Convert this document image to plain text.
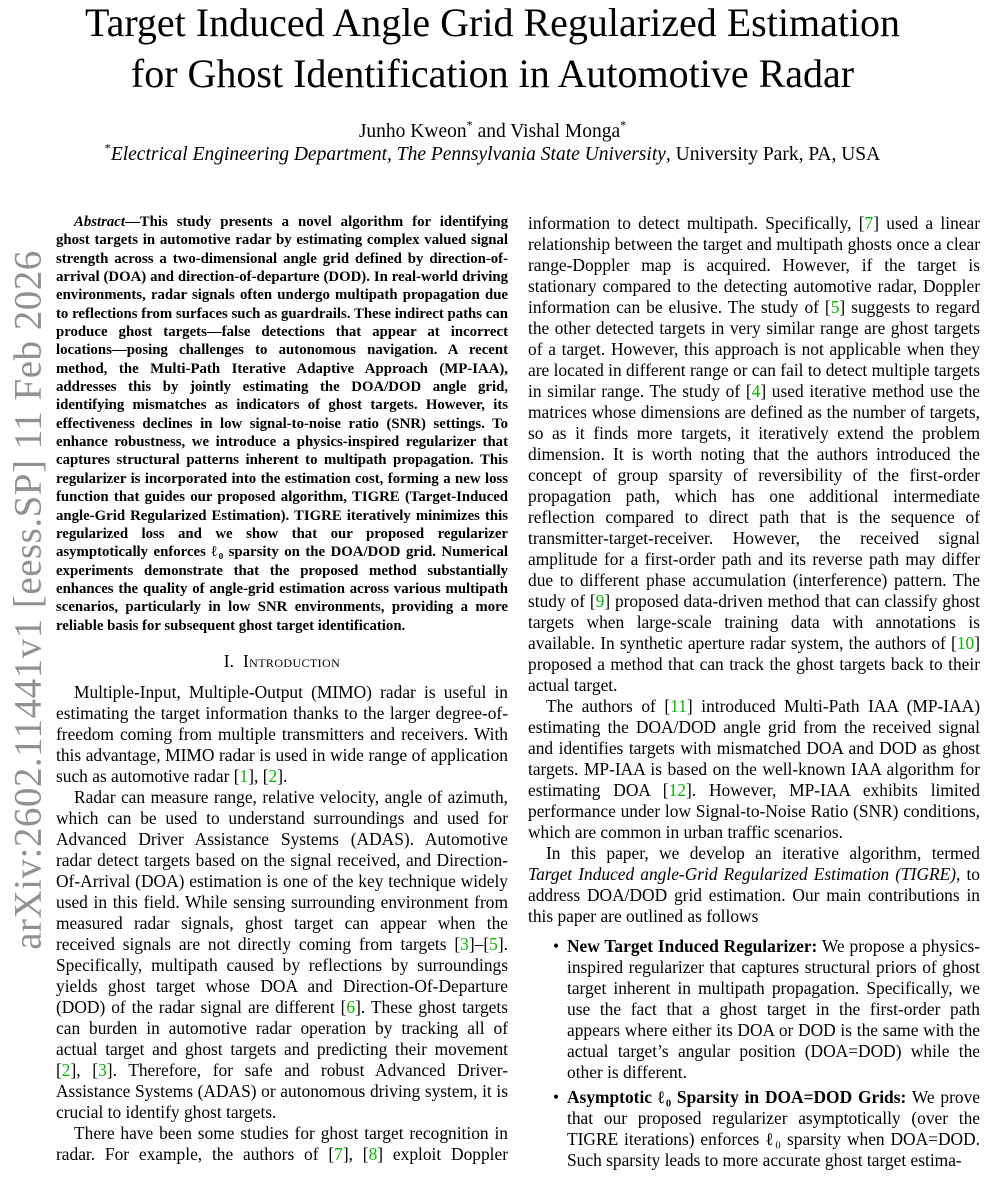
arXiv:2602.11441v1 [eess.SP] 11 Feb 2026
Target Induced Angle Grid Regularized Estimation
for Ghost Identification in Automotive Radar
Junho Kweon* and Vishal Monga*
*Electrical Engineering Department, The Pennsylvania State University, University Park, PA, USA

Abstract—This study presents a novel algorithm for identifying ghost targets in automotive radar by estimating complex valued signal strength across a two-dimensional angle grid defined by direction-of-arrival (DOA) and direction-of-departure (DOD). In real-world driving environments, radar signals often undergo multipath propagation due to reflections from surfaces such as guardrails. These indirect paths can produce ghost targets—false detections that appear at incorrect locations—posing challenges to autonomous navigation. A recent method, the Multi-Path Iterative Adaptive Approach (MP-IAA), addresses this by jointly estimating the DOA/DOD angle grid, identifying mismatches as indicators of ghost targets. However, its effectiveness declines in low signal-to-noise ratio (SNR) settings. To enhance robustness, we introduce a physics-inspired regularizer that captures structural patterns inherent to multipath propagation. This regularizer is incorporated into the estimation cost, forming a new loss function that guides our proposed algorithm, TIGRE (Target-Induced angle-Grid Regularized Estimation). TIGRE iteratively minimizes this regularized loss and we show that our proposed regularizer asymptotically enforces ℓ₀ sparsity on the DOA/DOD grid. Numerical experiments demonstrate that the proposed method substantially enhances the quality of angle-grid estimation across various multipath scenarios, particularly in low SNR environments, providing a more reliable basis for subsequent ghost target identification.

I. Introduction

Multiple-Input, Multiple-Output (MIMO) radar is useful in estimating the target information thanks to the larger degree-of-freedom coming from multiple transmitters and receivers. With this advantage, MIMO radar is used in wide range of application such as automotive radar [1], [2].

Radar can measure range, relative velocity, angle of azimuth, which can be used to understand surroundings and used for Advanced Driver Assistance Systems (ADAS). Automotive radar detect targets based on the signal received, and Direction-Of-Arrival (DOA) estimation is one of the key technique widely used in this field. While sensing surrounding environment from measured radar signals, ghost target can appear when the received signals are not directly coming from targets [3]–[5]. Specifically, multipath caused by reflections by surroundings yields ghost target whose DOA and Direction-Of-Departure (DOD) of the radar signal are different [6]. These ghost targets can burden in automotive radar operation by tracking all of actual target and ghost targets and predicting their movement [2], [3]. Therefore, for safe and robust Advanced Driver-Assistance Systems (ADAS) or autonomous driving system, it is crucial to identify ghost targets.

There have been some studies for ghost target recognition in radar. For example, the authors of [7], [8] exploit Doppler

information to detect multipath. Specifically, [7] used a linear relationship between the target and multipath ghosts once a clear range-Doppler map is acquired. However, if the target is stationary compared to the detecting automotive radar, Doppler information can be elusive. The study of [5] suggests to regard the other detected targets in very similar range are ghost targets of a target. However, this approach is not applicable when they are located in different range or can fail to detect multiple targets in similar range. The study of [4] used iterative method use the matrices whose dimensions are defined as the number of targets, so as it finds more targets, it iteratively extend the problem dimension. It is worth noting that the authors introduced the concept of group sparsity of reversibility of the first-order propagation path, which has one additional intermediate reflection compared to direct path that is the sequence of transmitter-target-receiver. However, the received signal amplitude for a first-order path and its reverse path may differ due to different phase accumulation (interference) pattern. The study of [9] proposed data-driven method that can classify ghost targets when large-scale training data with annotations is available. In synthetic aperture radar system, the authors of [10] proposed a method that can track the ghost targets back to their actual target.

The authors of [11] introduced Multi-Path IAA (MP-IAA) estimating the DOA/DOD angle grid from the received signal and identifies targets with mismatched DOA and DOD as ghost targets. MP-IAA is based on the well-known IAA algorithm for estimating DOA [12]. However, MP-IAA exhibits limited performance under low Signal-to-Noise Ratio (SNR) conditions, which are common in urban traffic scenarios.

In this paper, we develop an iterative algorithm, termed Target Induced angle-Grid Regularized Estimation (TIGRE), to address DOA/DOD grid estimation. Our main contributions in this paper are outlined as follows

• New Target Induced Regularizer: We propose a physics-inspired regularizer that captures structural priors of ghost target inherent in multipath propagation. Specifically, we use the fact that a ghost target in the first-order path appears where either its DOA or DOD is the same with the actual target’s angular position (DOA=DOD) while the other is different.
• Asymptotic ℓ₀ Sparsity in DOA=DOD Grids: We prove that our proposed regularizer asymptotically (over the TIGRE iterations) enforces ℓ₀ sparsity when DOA=DOD. Such sparsity leads to more accurate ghost target estima-
